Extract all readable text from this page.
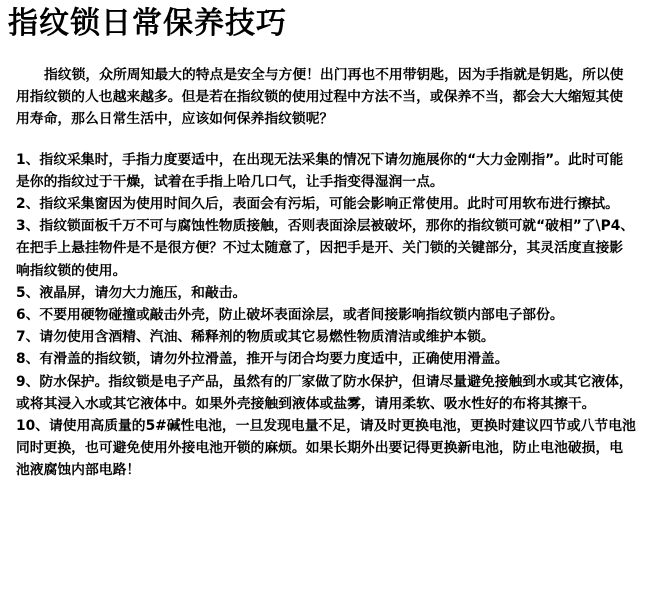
指纹锁日常保养技巧

指纹锁，众所周知最大的特点是安全与方便！出门再也不用带钥匙，因为手指就是钥匙，所以使用指纹锁的人也越来越多。但是若在指纹锁的使用过程中方法不当，或保养不当，都会大大缩短其使用寿命，那么日常生活中，应该如何保养指纹锁呢？

1、指纹采集时，手指力度要适中，在出现无法采集的情况下请勿施展你的“大力金刚指”。此时可能是你的指纹过于干燥，试着在手指上哈几口气，让手指变得湿润一点。

2、指纹采集窗因为使用时间久后，表面会有污垢，可能会影响正常使用。此时可用软布进行擦拭。

3、指纹锁面板千万不可与腐蚀性物质接触，否则表面涂层被破坏，那你的指纹锁可就“破相”了\P4、在把手上悬挂物件是不是很方便？不过太随意了，因把手是开、关门锁的关键部分，其灵活度直接影响指纹锁的使用。

5、液晶屏，请勿大力施压，和敲击。

6、不要用硬物碰撞或敲击外壳，防止破坏表面涂层，或者间接影响指纹锁内部电子部份。

7、请勿使用含酒精、汽油、稀释剂的物质或其它易燃性物质清洁或维护本锁。

8、有滑盖的指纹锁，请勿外拉滑盖，推开与闭合均要力度适中，正确使用滑盖。

9、防水保护。指纹锁是电子产品，虽然有的厂家做了防水保护，但请尽量避免接触到水或其它液体，或将其浸入水或其它液体中。如果外壳接触到液体或盐雾，请用柔软、吸水性好的布将其擦干。

10、请使用高质量的5#碱性电池，一旦发现电量不足，请及时更换电池，更换时建议四节或八节电池同时更换，也可避免使用外接电池开锁的麻烦。如果长期外出要记得更换新电池，防止电池破损，电池液腐蚀内部电路！
